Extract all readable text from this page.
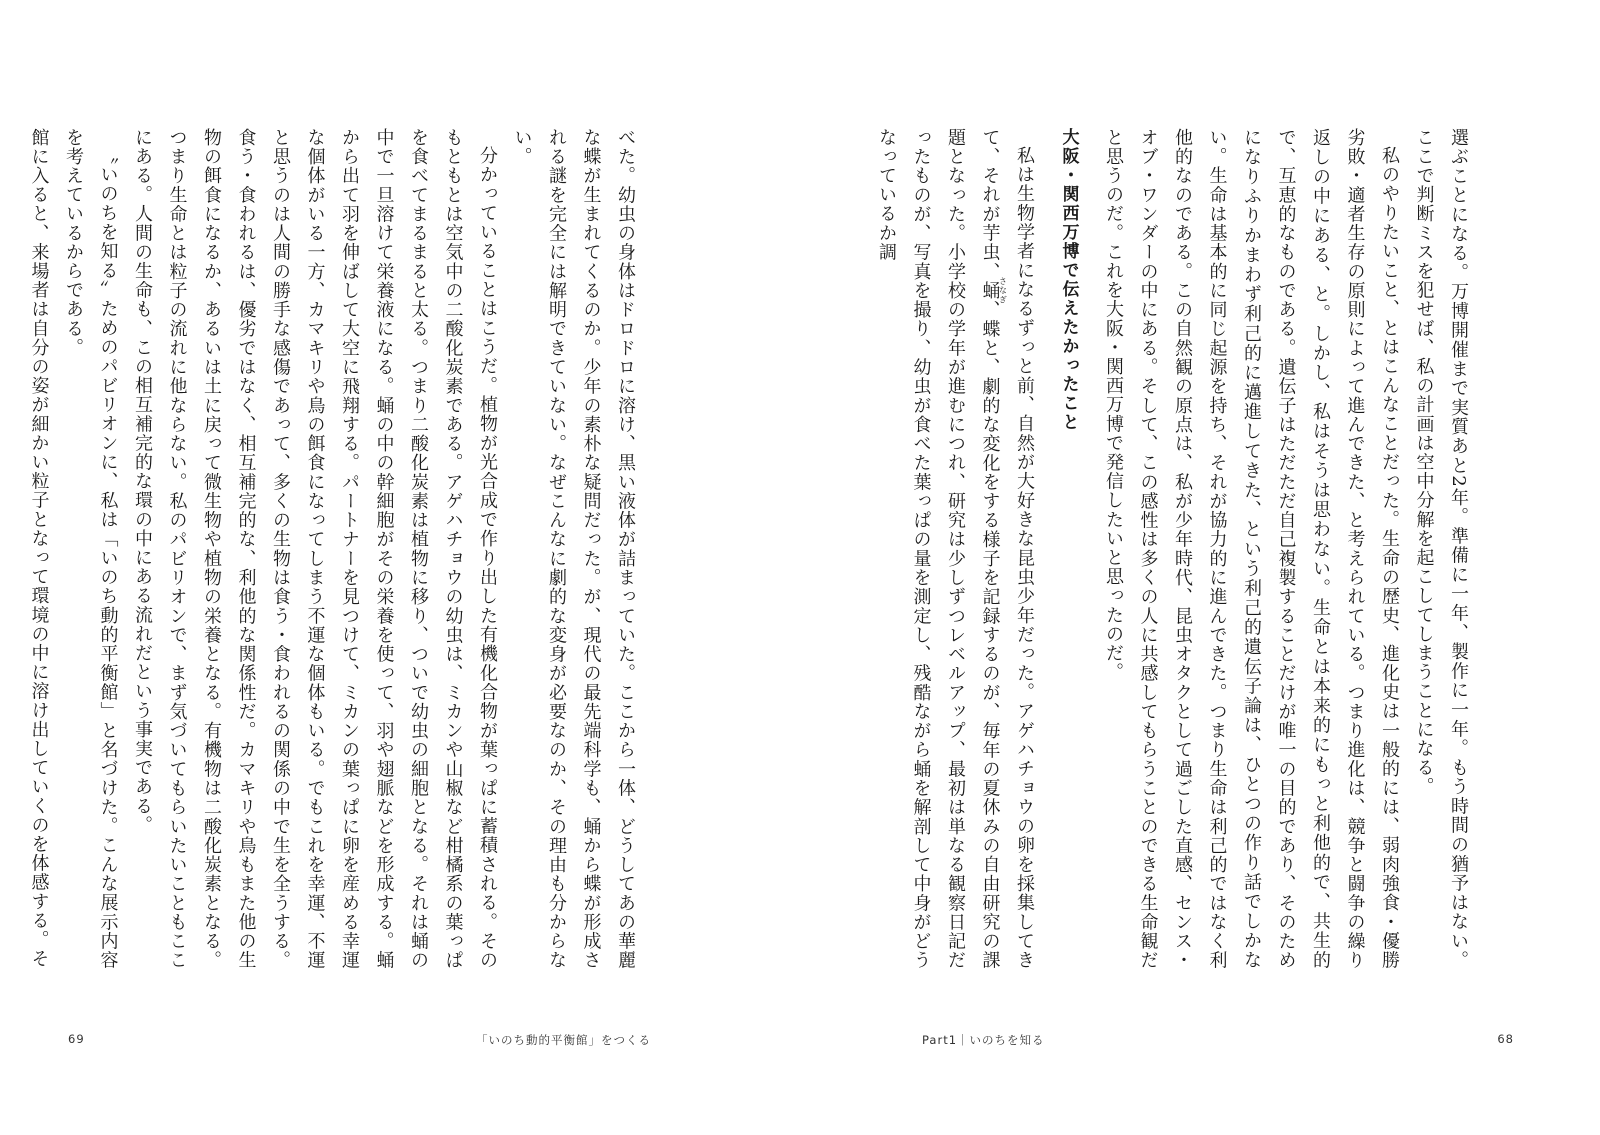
べた。幼虫の身体はドロドロに溶け、黒い液体が詰まっていた。ここから一体、どうしてあの華麗な蝶が生まれてくるのか。少年の素朴な疑問だった。が、現代の最先端科学も、蛹から蝶が形成される謎を完全には解明できていない。なぜこんなに劇的な変身が必要なのか、その理由も分からない。

分かっていることはこうだ。植物が光合成で作り出した有機化合物が葉っぱに蓄積される。そのもともとは空気中の二酸化炭素である。アゲハチョウの幼虫は、ミカンや山椒など柑橘系の葉っぱを食べてまるまると太る。つまり二酸化炭素は植物に移り、ついで幼虫の細胞となる。それは蛹の中で一旦溶けて栄養液になる。蛹の中の幹細胞がその栄養を使って、羽や翅脈などを形成する。蛹から出て羽を伸ばして大空に飛翔する。パートナーを見つけて、ミカンの葉っぱに卵を産める幸運な個体がいる一方、カマキリや鳥の餌食になってしまう不運な個体もいる。でもこれを幸運、不運と思うのは人間の勝手な感傷であって、多くの生物は食う・食われるの関係の中で生を全うする。食う・食われるは、優劣ではなく、相互補完的な、利他的な関係性だ。カマキリや鳥もまた他の生物の餌食になるか、あるいは土に戻って微生物や植物の栄養となる。有機物は二酸化炭素となる。つまり生命とは粒子の流れに他ならない。私のパビリオンで、まず気づいてもらいたいこともここにある。人間の生命も、この相互補完的な環の中にある流れだという事実である。

〝いのちを知る〟ためのパビリオンに、私は「いのち動的平衡館」と名づけた。こんな展示内容を考えているからである。

館に入ると、来場者は自分の姿が細かい粒子となって環境の中に溶け出していくのを体感する。そ

69	「いのち動的平衡館」をつくる

選ぶことになる。万博開催まで実質あと2年。準備に一年、製作に一年。もう時間の猶予はない。ここで判断ミスを犯せば、私の計画は空中分解を起こしてしまうことになる。

私のやりたいこと、とはこんなことだった。生命の歴史、進化史は一般的には、弱肉強食・優勝劣敗・適者生存の原則によって進んできた、と考えられている。つまり進化は、競争と闘争の繰り返しの中にある、と。しかし、私はそうは思わない。生命とは本来的にもっと利他的で、共生的で、互恵的なものである。遺伝子はただただ自己複製することだけが唯一の目的であり、そのためになりふりかまわず利己的に邁進してきた、という利己的遺伝子論は、ひとつの作り話でしかない。生命は基本的に同じ起源を持ち、それが協力的に進んできた。つまり生命は利己的ではなく利他的なのである。この自然観の原点は、私が少年時代、昆虫オタクとして過ごした直感、センス・オブ・ワンダーの中にある。そして、この感性は多くの人に共感してもらうことのできる生命観だと思うのだ。これを大阪・関西万博で発信したいと思ったのだ。

大阪・関西万博で伝えたかったこと

私は生物学者になるずっと前、自然が大好きな昆虫少年だった。アゲハチョウの卵を採集してきて、それが芋虫、蛹さなぎ、蝶と、劇的な変化をする様子を記録するのが、毎年の夏休みの自由研究の課題となった。小学校の学年が進むにつれ、研究は少しずつレベルアップ、最初は単なる観察日記だったものが、写真を撮り、幼虫が食べた葉っぱの量を測定し、残酷ながら蛹を解剖して中身がどうなっているか調

Part1｜いのちを知る	68
